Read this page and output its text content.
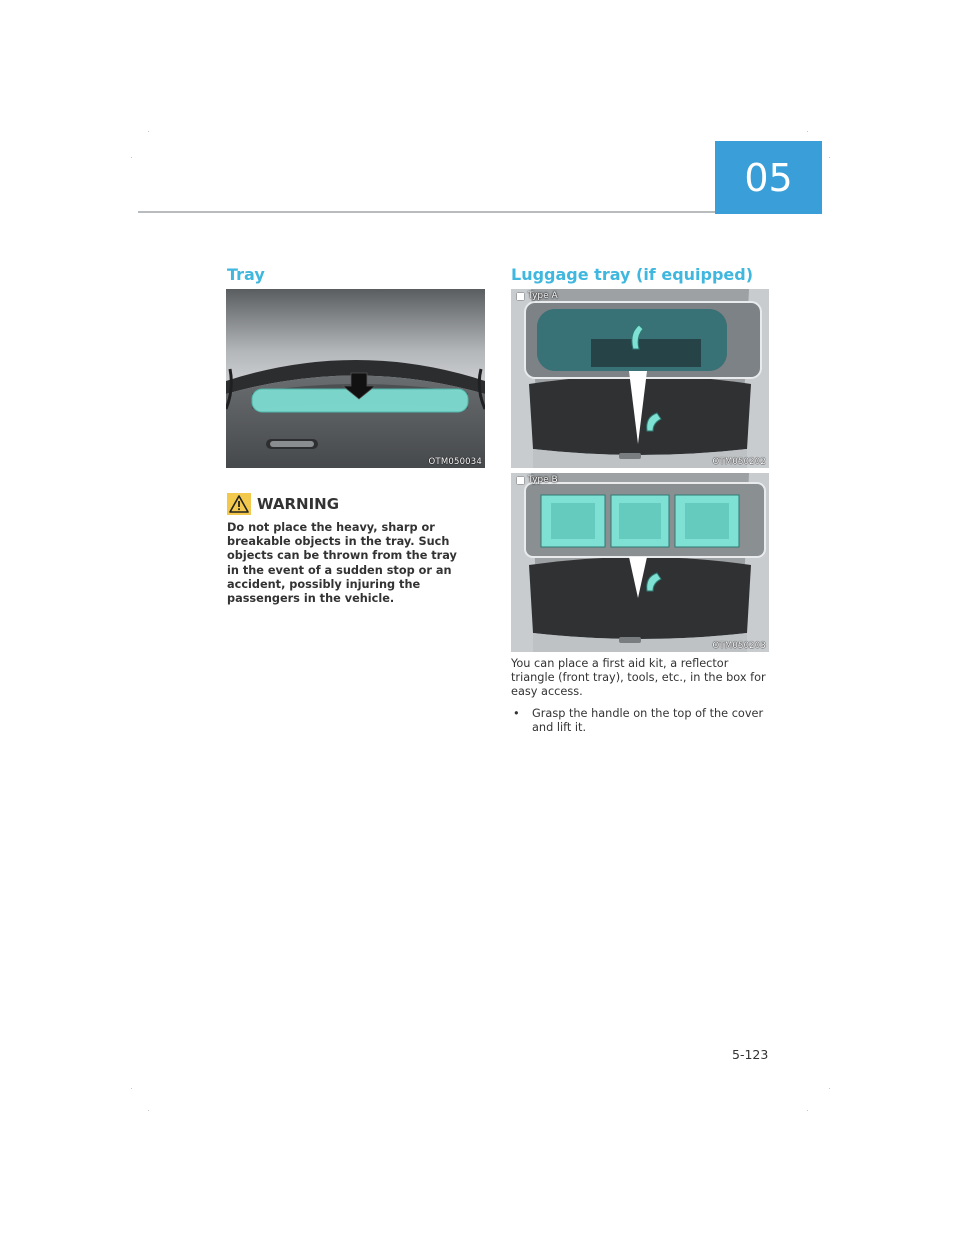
05
Tray
OTM050034
WARNING
Do not place the heavy, sharp or breakable objects in the tray. Such objects can be thrown from the tray in the event of a sudden stop or an accident, possibly injuring the passengers in the vehicle.
Luggage tray (if equipped)
Type A
OTM050202
Type B
OTM050203
You can place a first aid kit, a reflector triangle (front tray), tools, etc., in the box for easy access.
•	Grasp the handle on the top of the cover and lift it.
5-123
